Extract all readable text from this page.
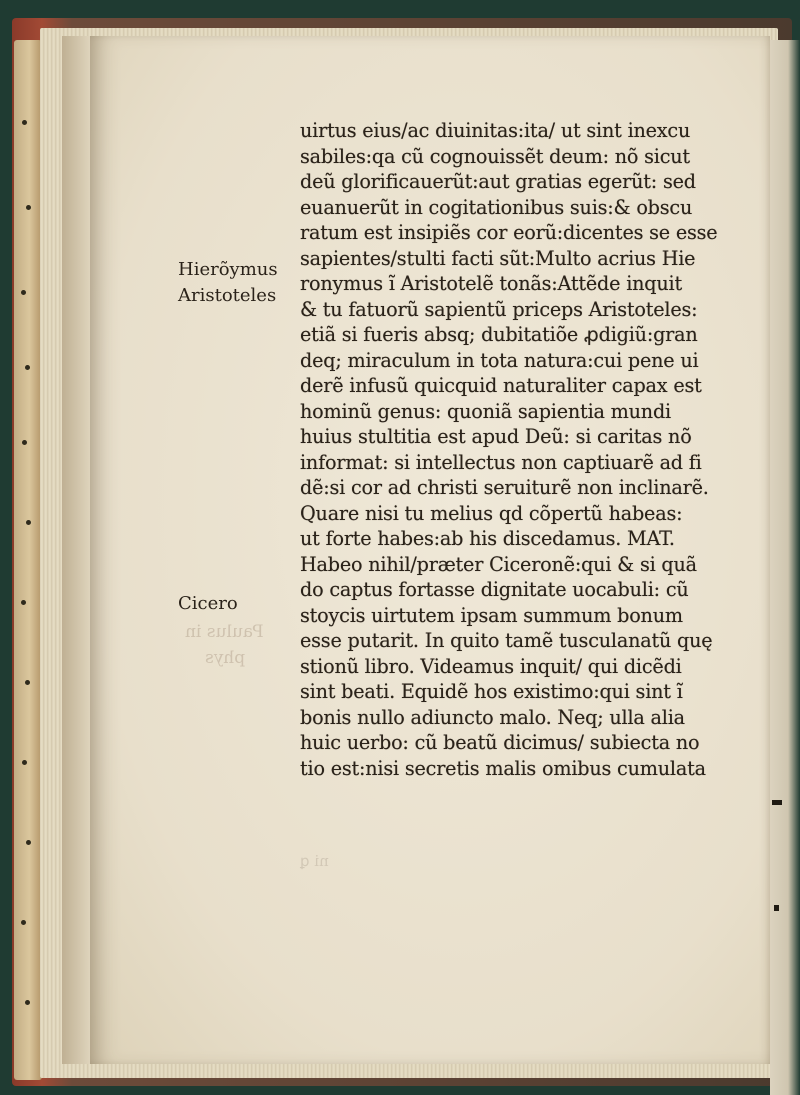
Paulus in
phys
ni ꝗ
Hierõymus
Aristoteles
Cicero
uirtus eius/ac diuinitas:ita/ ut sint inexcu
sabiles:qa cũ cognouissẽt deum: nõ sicut
deũ glorificauerũt:aut gratias egerũt: sed
euanuerũt in cogitationibus suis:& obscu
ratum est insipiẽs cor eorũ:dicentes se esse
sapientes/stulti facti sũt:Multo acrius Hie
ronymus ĩ Aristotelẽ tonãs:Attẽde inquit
& tu fatuorũ sapientũ priceps Aristoteles:
etiã si fueris absq; dubitatiõe ꝓdigiũ:gran
deq; miraculum in tota natura:cui pene ui
derẽ infusũ quicquid naturaliter capax est
hominũ genus: quoniã sapientia mundi
huius stultitia est apud Deũ: si caritas nõ
informat: si intellectus non captiuarẽ ad fi
dẽ:si cor ad christi seruiturẽ non inclinarẽ.
Quare nisi tu melius qd cõpertũ habeas:
ut forte habes:ab his discedamus. MAT.
Habeo nihil/præter Ciceronẽ:qui & si quã
do captus fortasse dignitate uocabuli: cũ
stoycis uirtutem ipsam summum bonum
esse putarit. In quito tamẽ tusculanatũ quę
stionũ libro. Videamus inquit/ qui dicẽdi
sint beati. Equidẽ hos existimo:qui sint ĩ
bonis nullo adiuncto malo. Neq; ulla alia
huic uerbo: cũ beatũ dicimus/ subiecta no
tio est:nisi secretis malis omibus cumulata
